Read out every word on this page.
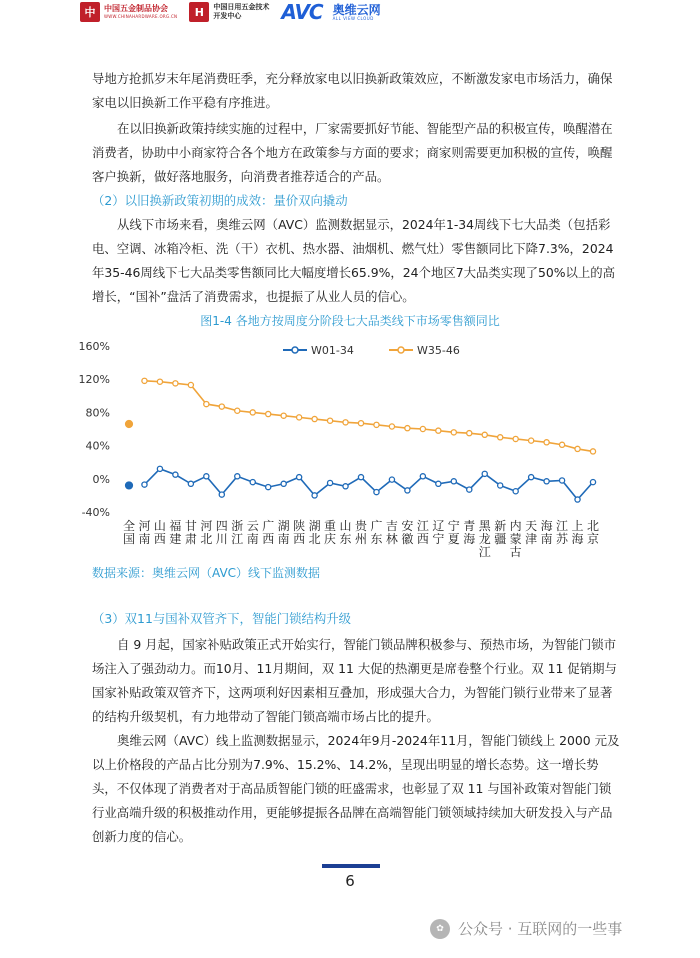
中	中国五金制品协会
WWW.CHINAHARDWARE.ORG.CN	H	中国日用五金技术
开发中心	AVC 奥维云网
ALL VIEW CLOUD

导地方抢抓岁末年尾消费旺季，充分释放家电以旧换新政策效应，不断激发家电市场活力，确保家电以旧换新工作平稳有序推进。

在以旧换新政策持续实施的过程中，厂家需要抓好节能、智能型产品的积极宣传，唤醒潜在消费者，协助中小商家符合各个地方在政策参与方面的要求；商家则需要更加积极的宣传，唤醒客户换新，做好落地服务，向消费者推荐适合的产品。

（2）以旧换新政策初期的成效：量价双向撬动

从线下市场来看，奥维云网（AVC）监测数据显示，2024年1-34周线下七大品类（包括彩电、空调、冰箱冷柜、洗（干）衣机、热水器、油烟机、燃气灶）零售额同比下降7.3%，2024年35-46周线下七大品类零售额同比大幅度增长65.9%，24个地区7大品类实现了50%以上的高增长，“国补”盘活了消费需求，也提振了从业人员的信心。

图1-4 各地方按周度分阶段七大品类线下市场零售额同比
-40%
0%
40%
80%
120%
160%	W01-34	W35-46
全
国
河
南
山
西
福
建
甘
肃
河
北
四
川
浙
江
云
南
广
西
湖
南
陕
西
湖
北
重
庆
山
东
贵
州
广
东
吉
林
安
徽
江
西
辽
宁
宁
夏
青
海
黑
龙
江
新
疆
内
蒙
古
天
津
海
南
江
苏
上
海
北
京
数据来源：奥维云网（AVC）线下监测数据
（3）双11与国补双管齐下，智能门锁结构升级

自 9 月起，国家补贴政策正式开始实行，智能门锁品牌积极参与、预热市场，为智能门锁市场注入了强劲动力。而10月、11月期间，双 11 大促的热潮更是席卷整个行业。双 11 促销期与国家补贴政策双管齐下，这两项利好因素相互叠加，形成强大合力，为智能门锁行业带来了显著的结构升级契机，有力地带动了智能门锁高端市场占比的提升。

奥维云网（AVC）线上监测数据显示，2024年9月-2024年11月，智能门锁线上 2000 元及以上价格段的产品占比分别为7.9%、15.2%、14.2%，呈现出明显的增长态势。这一增长势头，不仅体现了消费者对于高品质智能门锁的旺盛需求，也彰显了双 11 与国补政策对智能门锁行业高端升级的积极推动作用，更能够提振各品牌在高端智能门锁领域持续加大研发投入与产品创新力度的信心。

6
✿ 公众号 · 互联网的一些事
